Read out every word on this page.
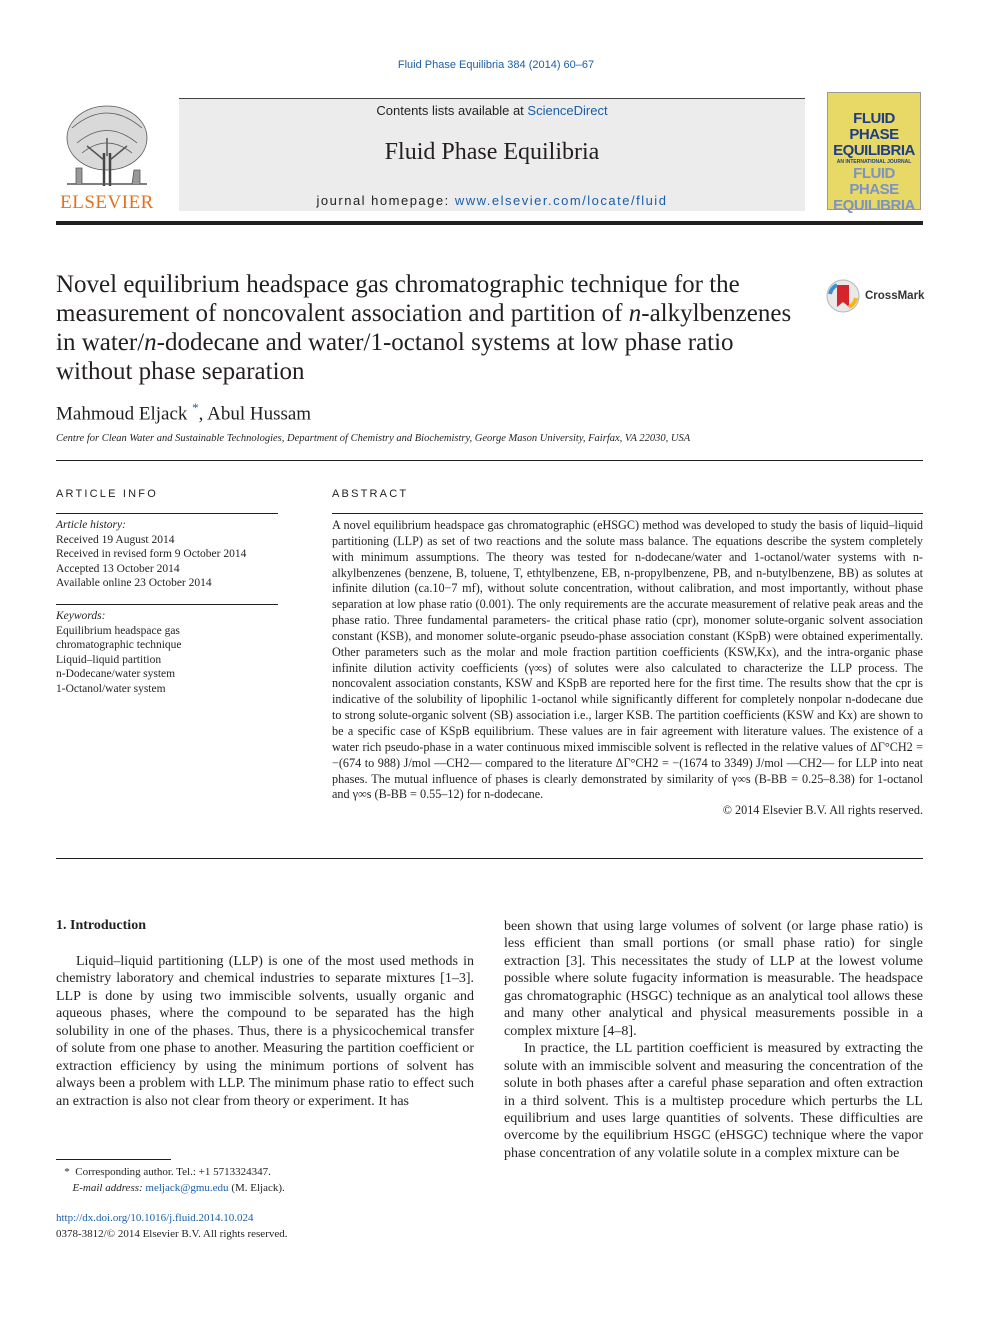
Fluid Phase Equilibria 384 (2014) 60–67
ELSEVIER
Contents lists available at ScienceDirect
Fluid Phase Equilibria
journal homepage: www.elsevier.com/locate/fluid
FLUID PHASE
EQUILIBRIA
AN INTERNATIONAL JOURNAL
FLUID PHASE
EQUILIBRIA
Novel equilibrium headspace gas chromatographic technique for the measurement of noncovalent association and partition of n-alkylbenzenes in water/n-dodecane and water/1-octanol systems at low phase ratio without phase separation
CrossMark
Mahmoud Eljack *, Abul Hussam
Centre for Clean Water and Sustainable Technologies, Department of Chemistry and Biochemistry, George Mason University, Fairfax, VA 22030, USA
ARTICLE INFO
Article history:
Received 19 August 2014
Received in revised form 9 October 2014
Accepted 13 October 2014
Available online 23 October 2014
Keywords:
Equilibrium headspace gas
chromatographic technique
Liquid–liquid partition
n-Dodecane/water system
1-Octanol/water system
ABSTRACT

A novel equilibrium headspace gas chromatographic (eHSGC) method was developed to study the basis of liquid–liquid partitioning (LLP) as set of two reactions and the solute mass balance. The equations describe the system completely with minimum assumptions. The theory was tested for n-dodecane/water and 1-octanol/water systems with n-alkylbenzenes (benzene, B, toluene, T, ethtylbenzene, EB, n-propylbenzene, PB, and n-butylbenzene, BB) as solutes at infinite dilution (ca.10−7 mf), without solute concentration, without calibration, and most importantly, without phase separation at low phase ratio (0.001). The only requirements are the accurate measurement of relative peak areas and the phase ratio. Three fundamental parameters- the critical phase ratio (cpr), monomer solute-organic solvent association constant (KSB), and monomer solute-organic pseudo-phase association constant (KSpB) were obtained experimentally. Other parameters such as the molar and mole fraction partition coefficients (KSW,Kx), and the intra-organic phase infinite dilution activity coefficients (γ∞s) of solutes were also calculated to characterize the LLP process. The noncovalent association constants, KSW and KSpB are reported here for the first time. The results show that the cpr is indicative of the solubility of lipophilic 1-octanol while significantly different for completely nonpolar n-dodecane due to strong solute-organic solvent (SB) association i.e., larger KSB. The partition coefficients (KSW and Kx) are shown to be a specific case of KSpB equilibrium. These values are in fair agreement with literature values. The existence of a water rich pseudo-phase in a water continuous mixed immiscible solvent is reflected in the relative values of ΔΓ°CH2 = −(674 to 988) J/mol —CH2— compared to the literature ΔΓ°CH2 = −(1674 to 3349) J/mol —CH2— for LLP into neat phases. The mutual influence of phases is clearly demonstrated by similarity of γ∞s (B-BB = 0.25–8.38) for 1-octanol and γ∞s (B-BB = 0.55–12) for n-dodecane.

© 2014 Elsevier B.V. All rights reserved.

1. Introduction

Liquid–liquid partitioning (LLP) is one of the most used methods in chemistry laboratory and chemical industries to separate mixtures [1–3]. LLP is done by using two immiscible solvents, usually organic and aqueous phases, where the compound to be separated has the high solubility in one of the phases. Thus, there is a physicochemical transfer of solute from one phase to another. Measuring the partition coefficient or extraction efficiency by using the minimum portions of solvent has always been a problem with LLP. The minimum phase ratio to effect such an extraction is also not clear from theory or experiment. It has

been shown that using large volumes of solvent (or large phase ratio) is less efficient than small portions (or small phase ratio) for single extraction [3]. This necessitates the study of LLP at the lowest volume possible where solute fugacity information is measurable. The headspace gas chromatographic (HSGC) technique as an analytical tool allows these and many other analytical and physical measurements possible in a complex mixture [4–8].

In practice, the LL partition coefficient is measured by extracting the solute with an immiscible solvent and measuring the concentration of the solute in both phases after a careful phase separation and often extraction in a third solvent. This is a multistep procedure which perturbs the LL equilibrium and uses large quantities of solvents. These difficulties are overcome by the equilibrium HSGC (eHSGC) technique where the vapor phase concentration of any volatile solute in a complex mixture can be

* Corresponding author. Tel.: +1 5713324347.
E-mail address: meljack@gmu.edu (M. Eljack).
http://dx.doi.org/10.1016/j.fluid.2014.10.024
0378-3812/© 2014 Elsevier B.V. All rights reserved.
